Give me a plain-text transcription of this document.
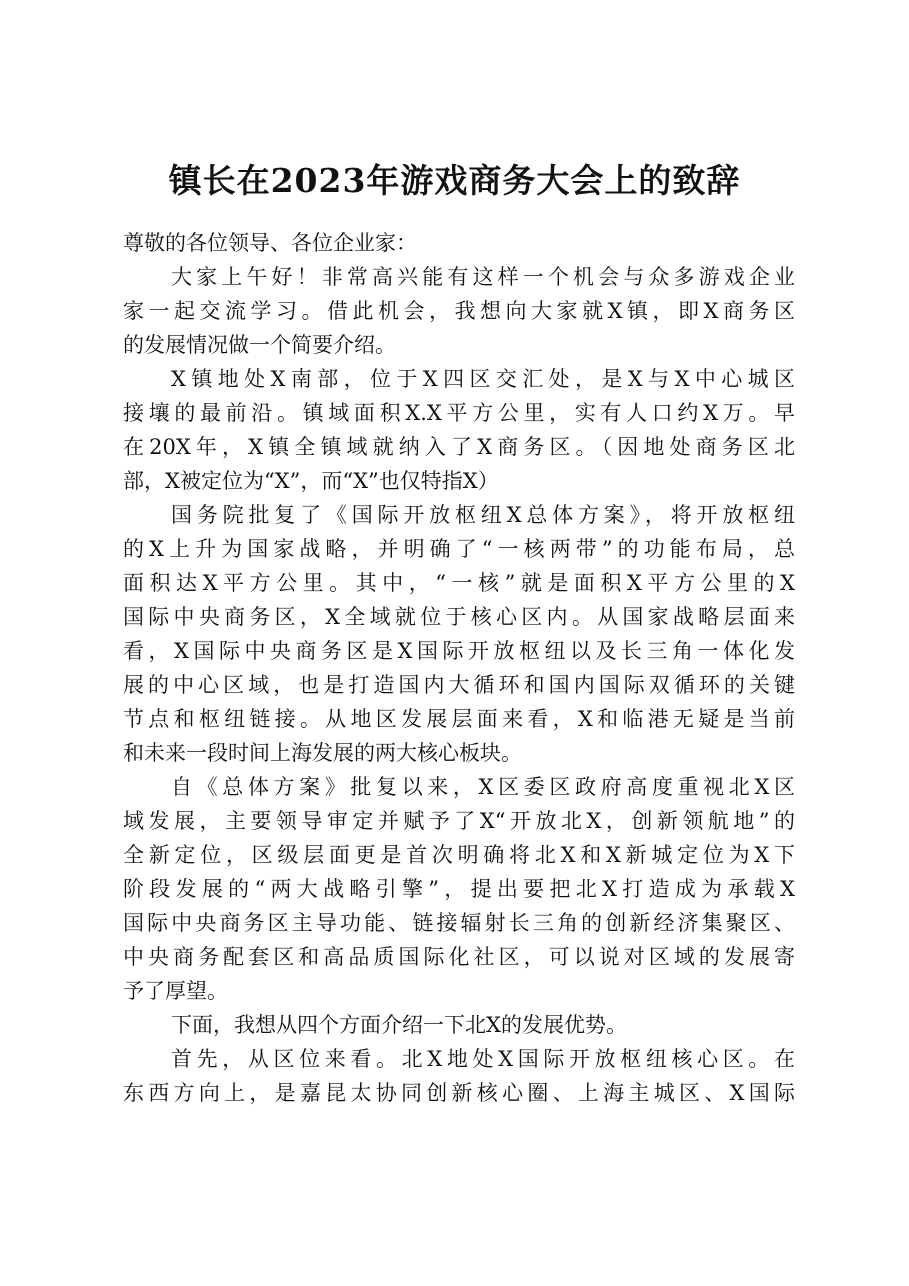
镇长在2023年游戏商务大会上的致辞
尊敬的各位领导、各位企业家：
大家上午好！非常高兴能有这样一个机会与众多游戏企业
家一起交流学习。借此机会，我想向大家就X镇，即X商务区
的发展情况做一个简要介绍。
X镇地处X南部，位于X四区交汇处，是X与X中心城区
接壤的最前沿。镇域面积X.X平方公里，实有人口约X万。早
在20X年，X镇全镇域就纳入了X商务区。（因地处商务区北
部，X被定位为“X”，而“X”也仅特指X）
国务院批复了《国际开放枢纽X总体方案》，将开放枢纽
的X上升为国家战略，并明确了“一核两带”的功能布局，总
面积达X平方公里。其中，“一核”就是面积X平方公里的X
国际中央商务区，X全域就位于核心区内。从国家战略层面来
看，X国际中央商务区是X国际开放枢纽以及长三角一体化发
展的中心区域，也是打造国内大循环和国内国际双循环的关键
节点和枢纽链接。从地区发展层面来看，X和临港无疑是当前
和未来一段时间上海发展的两大核心板块。
自《总体方案》批复以来，X区委区政府高度重视北X区
域发展，主要领导审定并赋予了X“开放北X，创新领航地”的
全新定位，区级层面更是首次明确将北X和X新城定位为X下
阶段发展的“两大战略引擎”，提出要把北X打造成为承载X
国际中央商务区主导功能、链接辐射长三角的创新经济集聚区、
中央商务配套区和高品质国际化社区，可以说对区域的发展寄
予了厚望。
下面，我想从四个方面介绍一下北X的发展优势。
首先，从区位来看。北X地处X国际开放枢纽核心区。在
东西方向上，是嘉昆太协同创新核心圈、上海主城区、X国际
